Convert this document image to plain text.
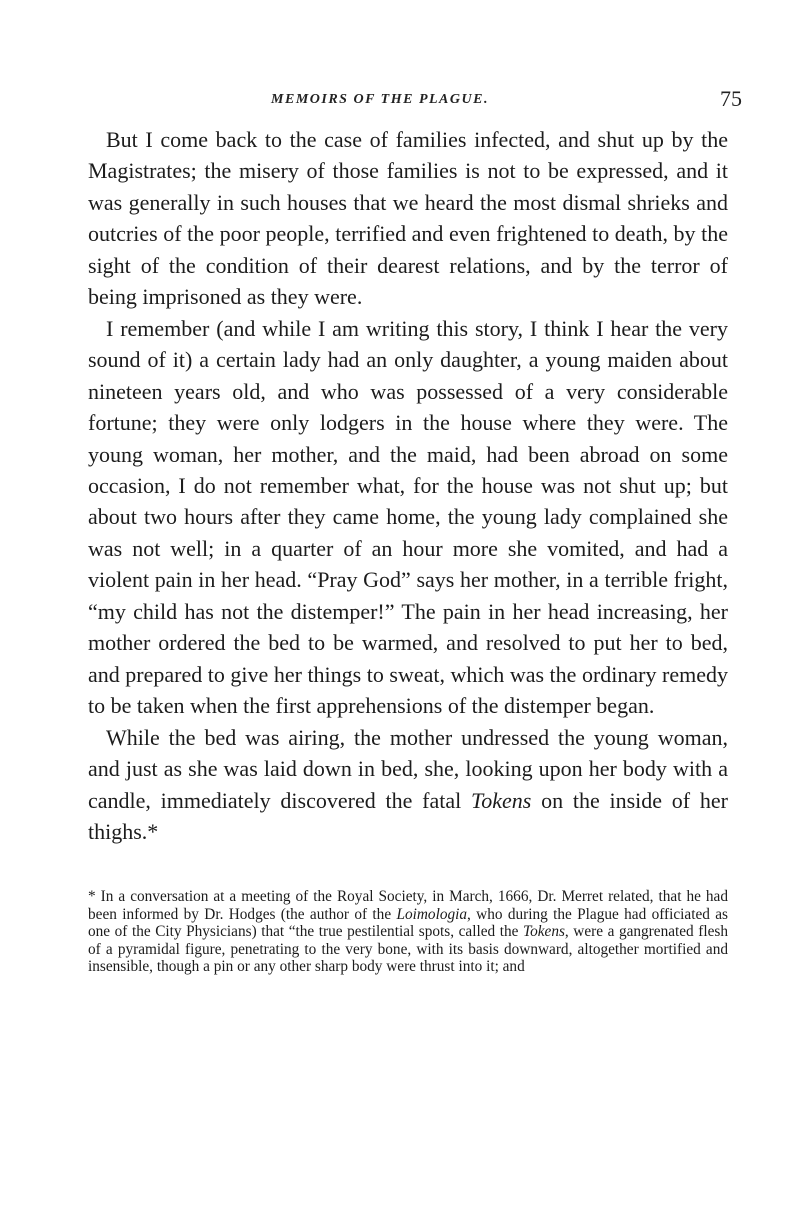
MEMOIRS OF THE PLAGUE.	75

But I come back to the case of families infected, and shut up by the Magistrates; the misery of those families is not to be expressed, and it was generally in such houses that we heard the most dismal shrieks and outcries of the poor people, terrified and even frightened to death, by the sight of the condition of their dearest relations, and by the terror of being imprisoned as they were.

I remember (and while I am writing this story, I think I hear the very sound of it) a certain lady had an only daughter, a young maiden about nineteen years old, and who was possessed of a very considerable fortune; they were only lodgers in the house where they were. The young woman, her mother, and the maid, had been abroad on some occasion, I do not remember what, for the house was not shut up; but about two hours after they came home, the young lady complained she was not well; in a quarter of an hour more she vomited, and had a violent pain in her head. “Pray God” says her mother, in a terrible fright, “my child has not the distemper!” The pain in her head increasing, her mother ordered the bed to be warmed, and resolved to put her to bed, and prepared to give her things to sweat, which was the ordinary remedy to be taken when the first apprehensions of the distemper began.

While the bed was airing, the mother undressed the young woman, and just as she was laid down in bed, she, looking upon her body with a candle, immediately discovered the fatal Tokens on the inside of her thighs.*

* In a conversation at a meeting of the Royal Society, in March, 1666, Dr. Merret related, that he had been informed by Dr. Hodges (the author of the Loimologia, who during the Plague had officiated as one of the City Physicians) that “the true pestilential spots, called the Tokens, were a gangrenated flesh of a pyramidal figure, penetrating to the very bone, with its basis downward, altogether mortified and insensible, though a pin or any other sharp body were thrust into it; and
